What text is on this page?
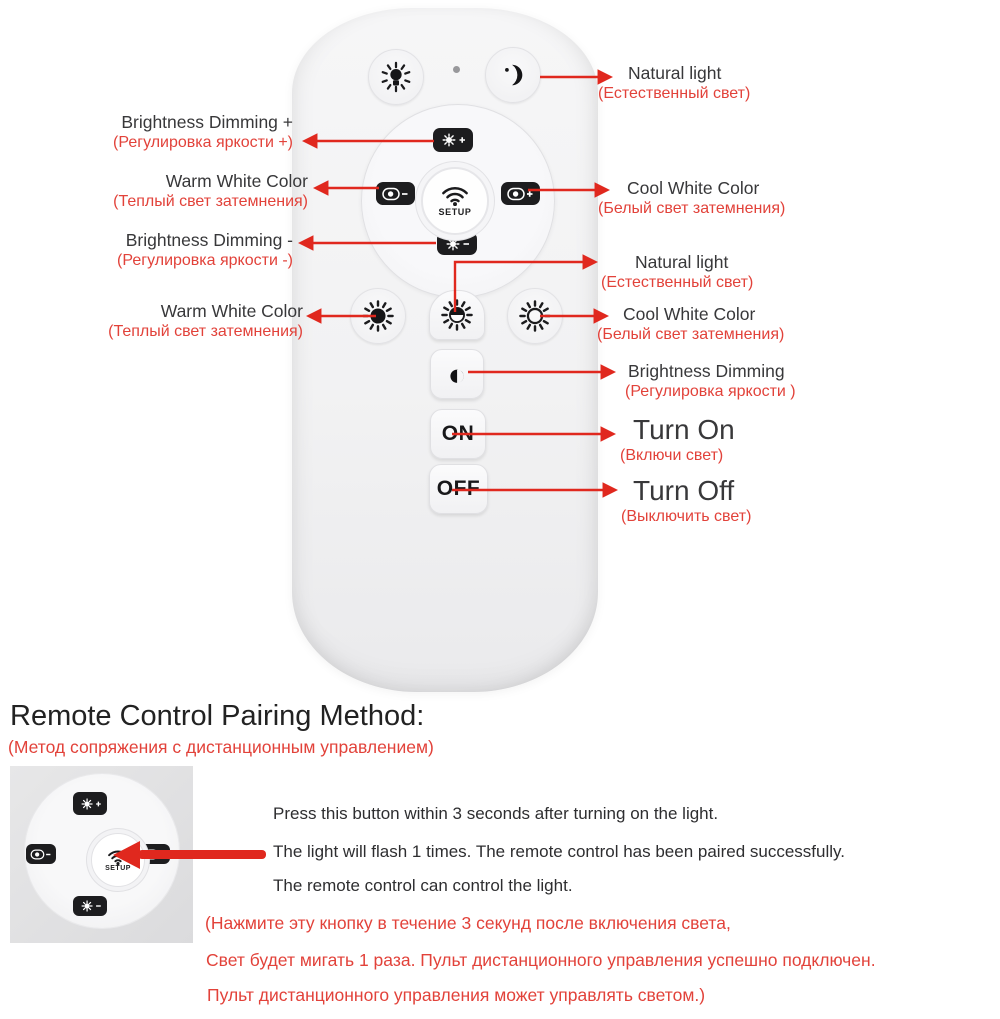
SETUP
◐
ON
OFF
Brightness Dimming +
(Регулировка яркости +)
Warm White Color
(Теплый свет затемнения)
Brightness Dimming -
(Регулировка яркости -)
Warm White Color
(Теплый свет затемнения)
Natural light
(Естественный свет)
Cool White Color
(Белый свет затемнения)
Natural light
(Естественный свет)
Cool White Color
(Белый свет затемнения)
Brightness Dimming
(Регулировка яркости )
Turn On
(Включи свет)
Turn Off
(Выключить свет)
Remote Control Pairing Method:
(Метод сопряжения с дистанционным управлением)
SETUP
Press this button within 3 seconds after turning on the light.
The light will flash 1 times. The remote control has been paired successfully.
The remote control can control the light.
(Нажмите эту кнопку в течение 3 секунд после включения света,
Свет будет мигать 1 раза. Пульт дистанционного управления успешно подключен.
Пульт дистанционного управления может управлять светом.)
